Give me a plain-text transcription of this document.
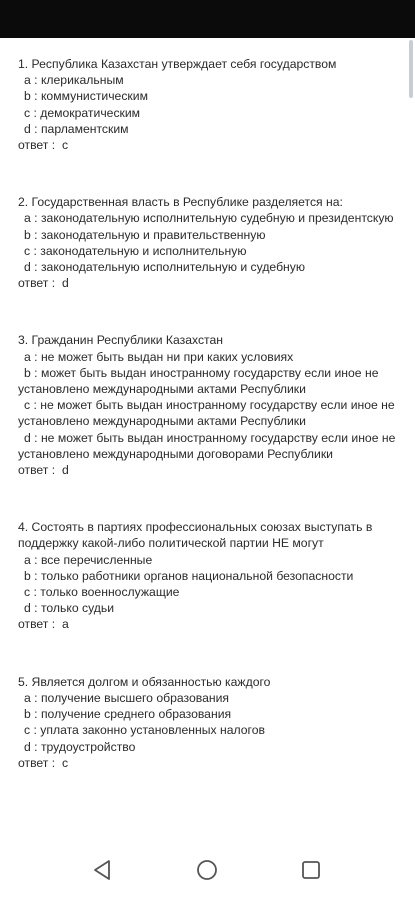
1. Республика Казахстан утверждает себя государством

a : клерикальным

b : коммунистическим

c : демократическим

d : парламентским

ответ : c

2. Государственная власть в Республике разделяется на:

a : законодательную исполнительную судебную и президентскую

b : законодательную и правительственную

c : законодательную и исполнительную

d : законодательную исполнительную и судебную

ответ : d

3. Гражданин Республики Казахстан

a : не может быть выдан ни при каких условиях

b : может быть выдан иностранному государству если иное не установлено международными актами Республики

c : не может быть выдан иностранному государству если иное не установлено международными актами Республики

d : не может быть выдан иностранному государству если иное не установлено международными договорами Республики

ответ : d

4. Состоять в партиях профессиональных союзах выступать в поддержку какой-либо политической партии НЕ могут

a : все перечисленные

b : только работники органов национальной безопасности

c : только военнослужащие

d : только судьи

ответ : a

5. Является долгом и обязанностью каждого

a : получение высшего образования

b : получение среднего образования

c : уплата законно установленных налогов

d : трудоустройство

ответ : c
